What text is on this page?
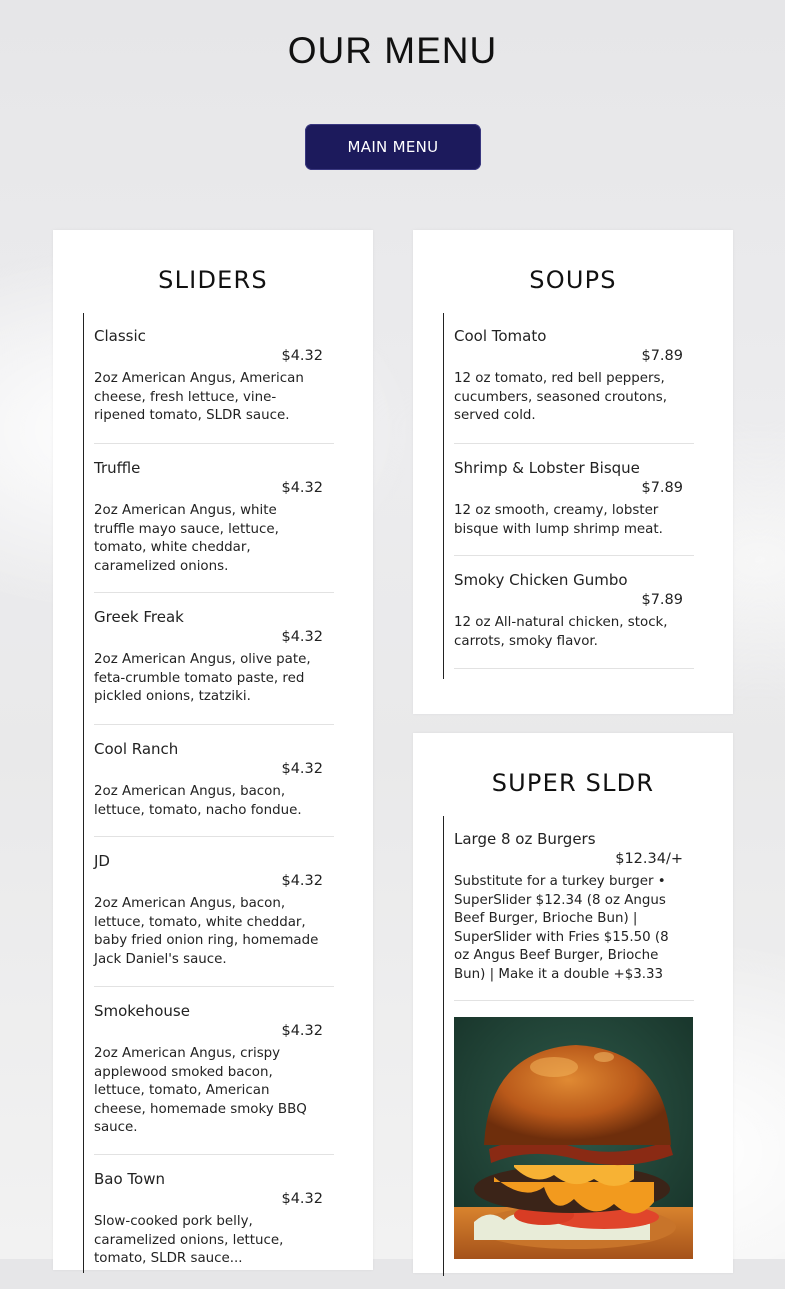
OUR MENU
MAIN MENU
SLIDERS
Classic
$4.32
2oz American Angus, American cheese, fresh lettuce, vine-ripened tomato, SLDR sauce.
Truffle
$4.32
2oz American Angus, white truffle mayo sauce, lettuce, tomato, white cheddar, caramelized onions.
Greek Freak
$4.32
2oz American Angus, olive pate, feta-crumble tomato paste, red pickled onions, tzatziki.
Cool Ranch
$4.32
2oz American Angus, bacon, lettuce, tomato, nacho fondue.
JD
$4.32
2oz American Angus, bacon, lettuce, tomato, white cheddar, baby fried onion ring, homemade Jack Daniel's sauce.
Smokehouse
$4.32
2oz American Angus, crispy applewood smoked bacon, lettuce, tomato, American cheese, homemade smoky BBQ sauce.
Bao Town
$4.32
Slow-cooked pork belly, caramelized onions, lettuce, tomato, SLDR sauce...
SOUPS
Cool Tomato
$7.89
12 oz tomato, red bell peppers, cucumbers, seasoned croutons, served cold.
Shrimp & Lobster Bisque
$7.89
12 oz smooth, creamy, lobster bisque with lump shrimp meat.
Smoky Chicken Gumbo
$7.89
12 oz All-natural chicken, stock, carrots, smoky flavor.
SUPER SLDR
Large 8 oz Burgers
$12.34/+
Substitute for a turkey burger • SuperSlider $12.34 (8 oz Angus Beef Burger, Brioche Bun) | SuperSlider with Fries $15.50 (8 oz Angus Beef Burger, Brioche Bun) | Make it a double +$3.33
